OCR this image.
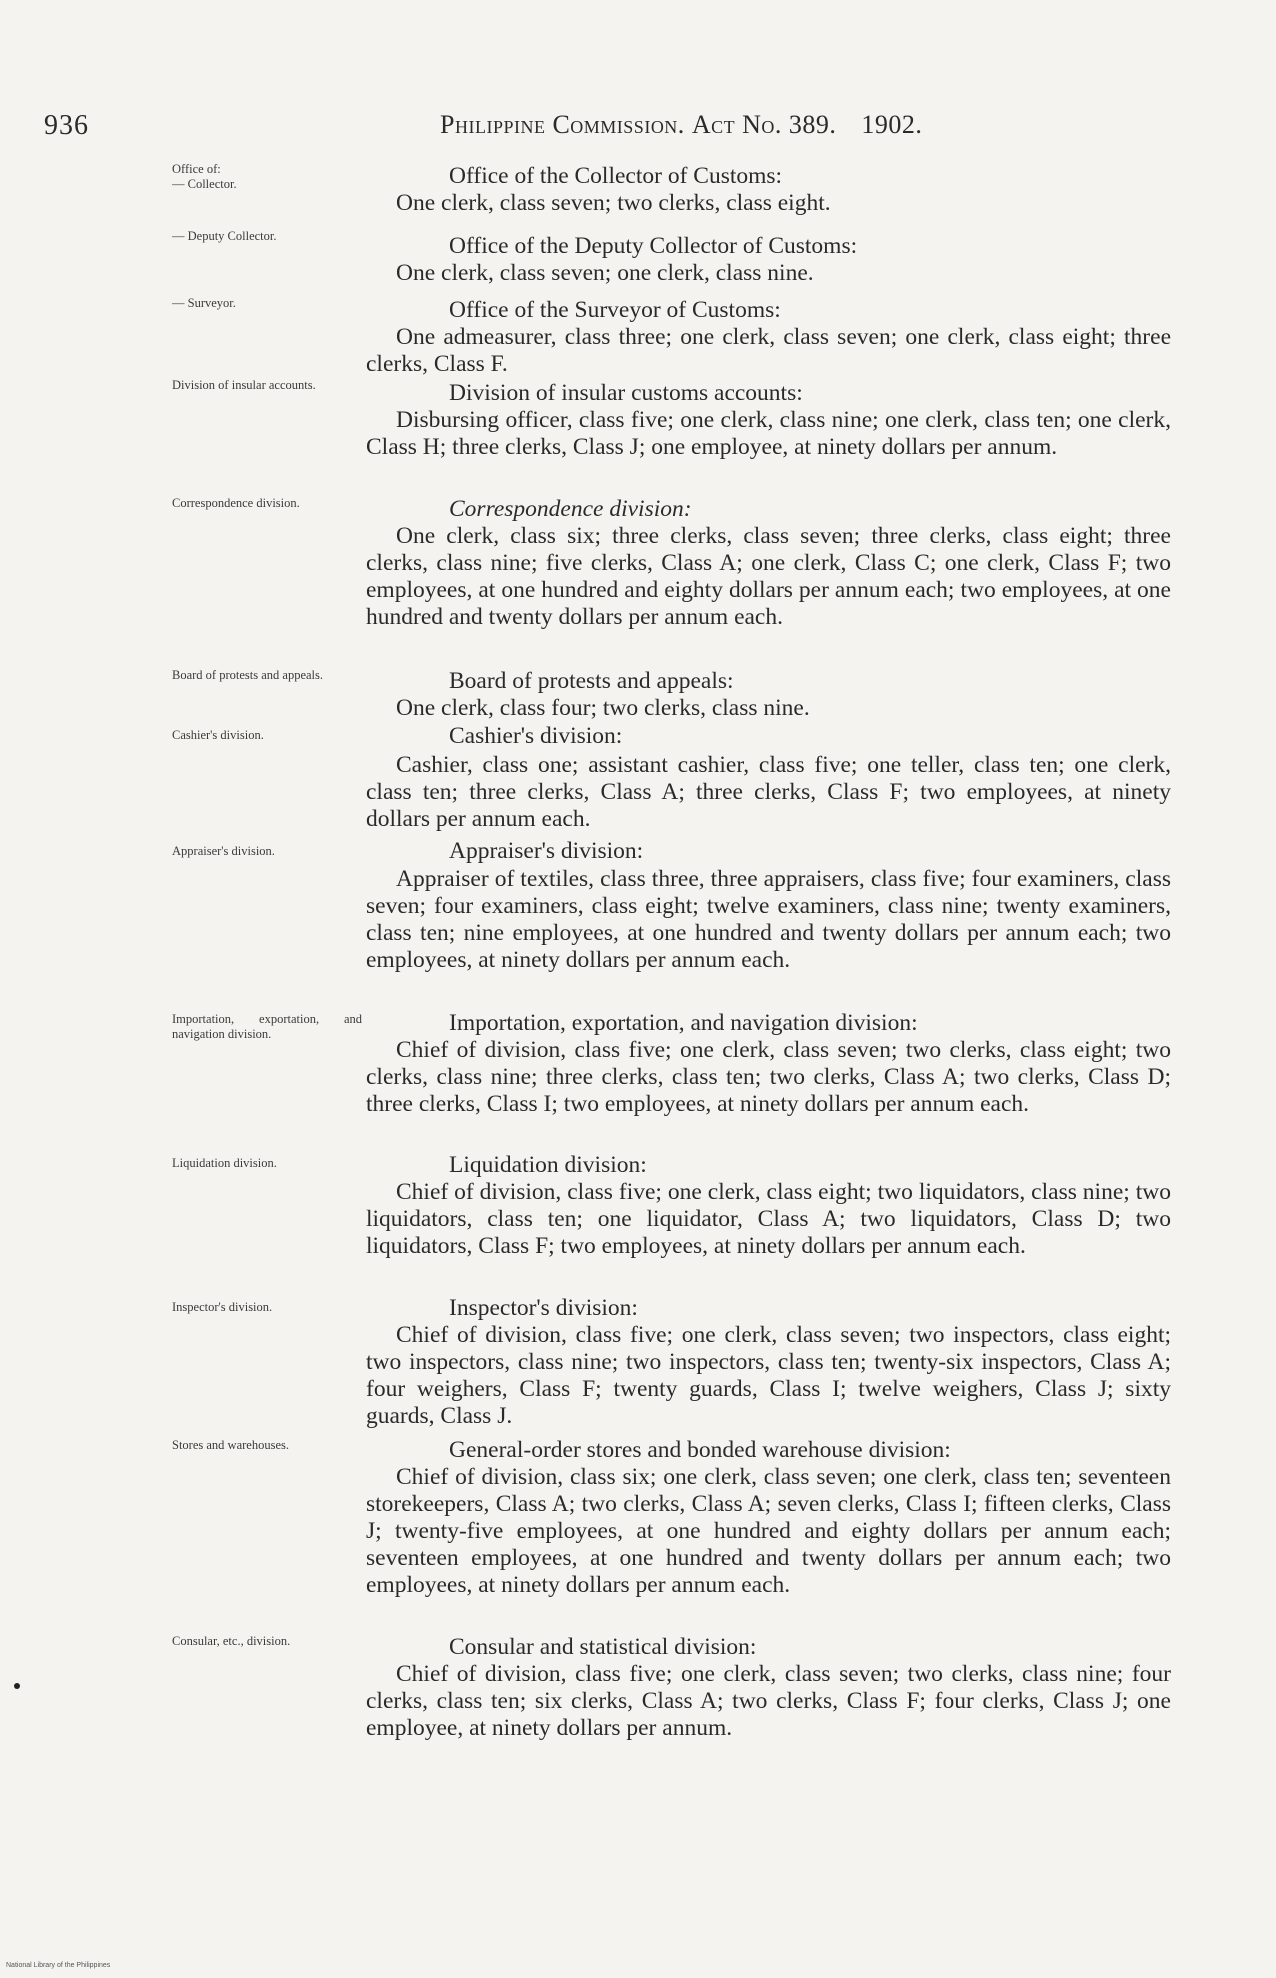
936	Philippine Commission. Act No. 389. 1902.
Office of:
— Collector.	Office of the Collector of Customs:
One clerk, class seven; two clerks, class eight.
— Deputy Collector.	Office of the Deputy Collector of Customs:
One clerk, class seven; one clerk, class nine.
— Surveyor.	Office of the Surveyor of Customs:
One admeasurer, class three; one clerk, class seven; one clerk, class eight; three clerks, Class F.
Division of insular accounts.	Division of insular customs accounts:
Disbursing officer, class five; one clerk, class nine; one clerk, class ten; one clerk, Class H; three clerks, Class J; one employee, at ninety dollars per annum.
Correspondence division.	Correspondence division:
One clerk, class six; three clerks, class seven; three clerks, class eight; three clerks, class nine; five clerks, Class A; one clerk, Class C; one clerk, Class F; two employees, at one hundred and eighty dollars per annum each; two employees, at one hundred and twenty dollars per annum each.
Board of protests and appeals.	Board of protests and appeals:
One clerk, class four; two clerks, class nine.
Cashier's division.	Cashier's division:
Cashier, class one; assistant cashier, class five; one teller, class ten; one clerk, class ten; three clerks, Class A; three clerks, Class F; two employees, at ninety dollars per annum each.
Appraiser's division.	Appraiser's division:
Appraiser of textiles, class three, three appraisers, class five; four examiners, class seven; four examiners, class eight; twelve examiners, class nine; twenty examiners, class ten; nine employees, at one hundred and twenty dollars per annum each; two employees, at ninety dollars per annum each.
Importation, exportation, and navigation division.	Importation, exportation, and navigation division:
Chief of division, class five; one clerk, class seven; two clerks, class eight; two clerks, class nine; three clerks, class ten; two clerks, Class A; two clerks, Class D; three clerks, Class I; two employees, at ninety dollars per annum each.
Liquidation division.	Liquidation division:
Chief of division, class five; one clerk, class eight; two liquidators, class nine; two liquidators, class ten; one liquidator, Class A; two liquidators, Class D; two liquidators, Class F; two employees, at ninety dollars per annum each.
Inspector's division.	Inspector's division:
Chief of division, class five; one clerk, class seven; two inspectors, class eight; two inspectors, class nine; two inspectors, class ten; twenty-six inspectors, Class A; four weighers, Class F; twenty guards, Class I; twelve weighers, Class J; sixty guards, Class J.
Stores and warehouses.	General-order stores and bonded warehouse division:
Chief of division, class six; one clerk, class seven; one clerk, class ten; seventeen storekeepers, Class A; two clerks, Class A; seven clerks, Class I; fifteen clerks, Class J; twenty-five employees, at one hundred and eighty dollars per annum each; seventeen employees, at one hundred and twenty dollars per annum each; two employees, at ninety dollars per annum each.
Consular, etc., division.	Consular and statistical division:
Chief of division, class five; one clerk, class seven; two clerks, class nine; four clerks, class ten; six clerks, Class A; two clerks, Class F; four clerks, Class J; one employee, at ninety dollars per annum.
National Library of the Philippines
